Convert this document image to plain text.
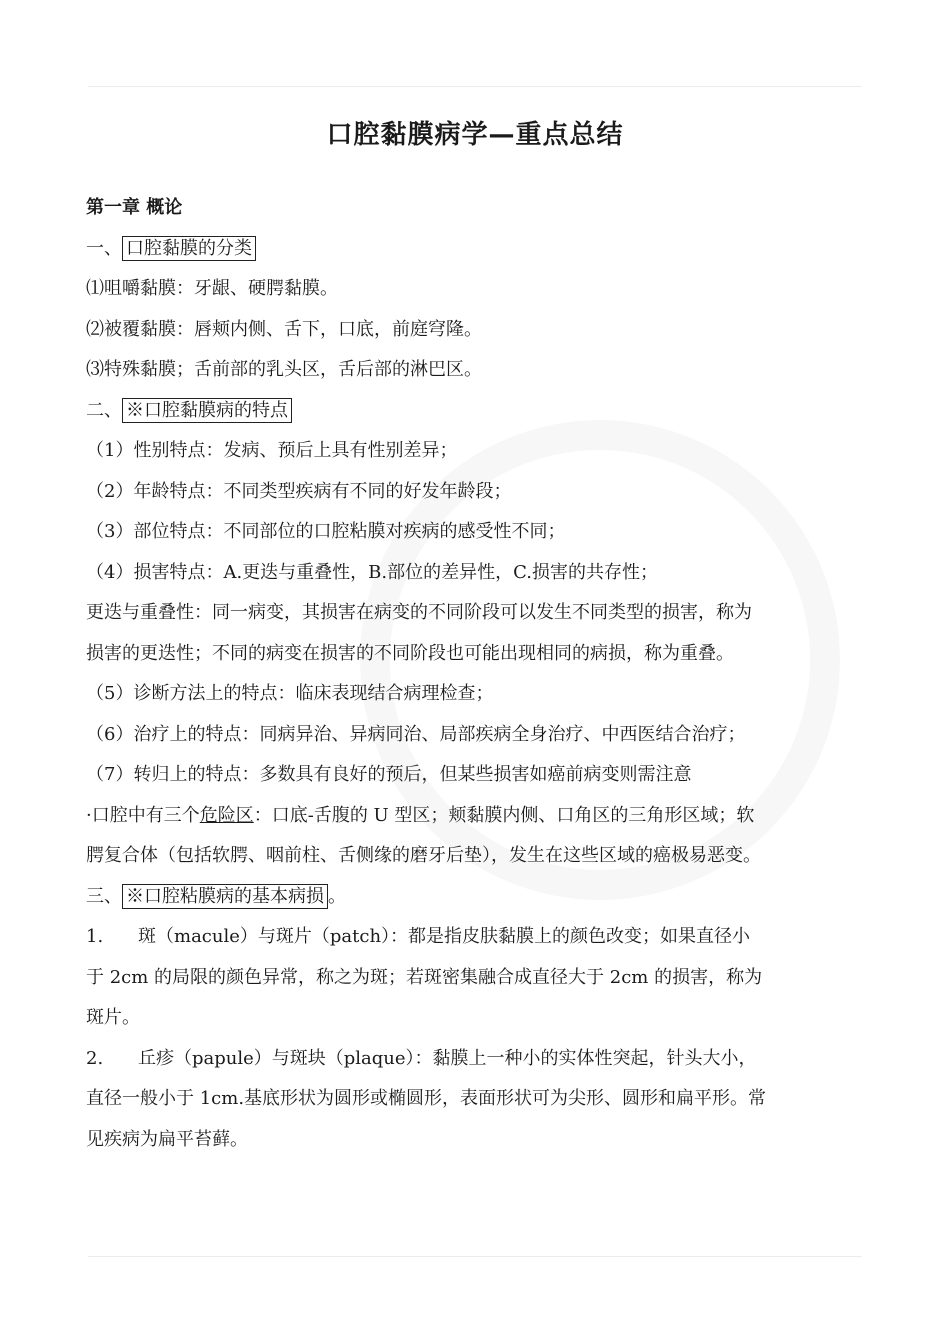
口腔黏膜病学—重点总结
第一章 概论
一、 口腔黏膜的分类
⑴咀嚼黏膜：牙龈、硬腭黏膜。
⑵被覆黏膜：唇颊内侧、舌下，口底，前庭穹隆。
⑶特殊黏膜；舌前部的乳头区，舌后部的淋巴区。
二、 ※口腔黏膜病的特点
（1）性别特点：发病、预后上具有性别差异；
（2）年龄特点：不同类型疾病有不同的好发年龄段；
（3）部位特点：不同部位的口腔粘膜对疾病的感受性不同；
（4）损害特点：A.更迭与重叠性，B.部位的差异性，C.损害的共存性；
更迭与重叠性：同一病变，其损害在病变的不同阶段可以发生不同类型的损害，称为
损害的更迭性；不同的病变在损害的不同阶段也可能出现相同的病损，称为重叠。
（5）诊断方法上的特点：临床表现结合病理检查；
（6）治疗上的特点：同病异治、异病同治、局部疾病全身治疗、中西医结合治疗；
（7）转归上的特点：多数具有良好的预后，但某些损害如癌前病变则需注意
·口腔中有三个危险区：口底-舌腹的 U 型区；颊黏膜内侧、口角区的三角形区域；软
腭复合体（包括软腭、咽前柱、舌侧缘的磨牙后垫），发生在这些区域的癌极易恶变。
三、 ※口腔粘膜病的基本病损 。
1. 斑（macule）与斑片（patch）：都是指皮肤黏膜上的颜色改变；如果直径小
于 2cm 的局限的颜色异常，称之为斑；若斑密集融合成直径大于 2cm 的损害，称为
斑片。
2. 丘疹（papule）与斑块（plaque）：黏膜上一种小的实体性突起，针头大小，
直径一般小于 1cm.基底形状为圆形或椭圆形，表面形状可为尖形、圆形和扁平形。常
见疾病为扁平苔藓。
